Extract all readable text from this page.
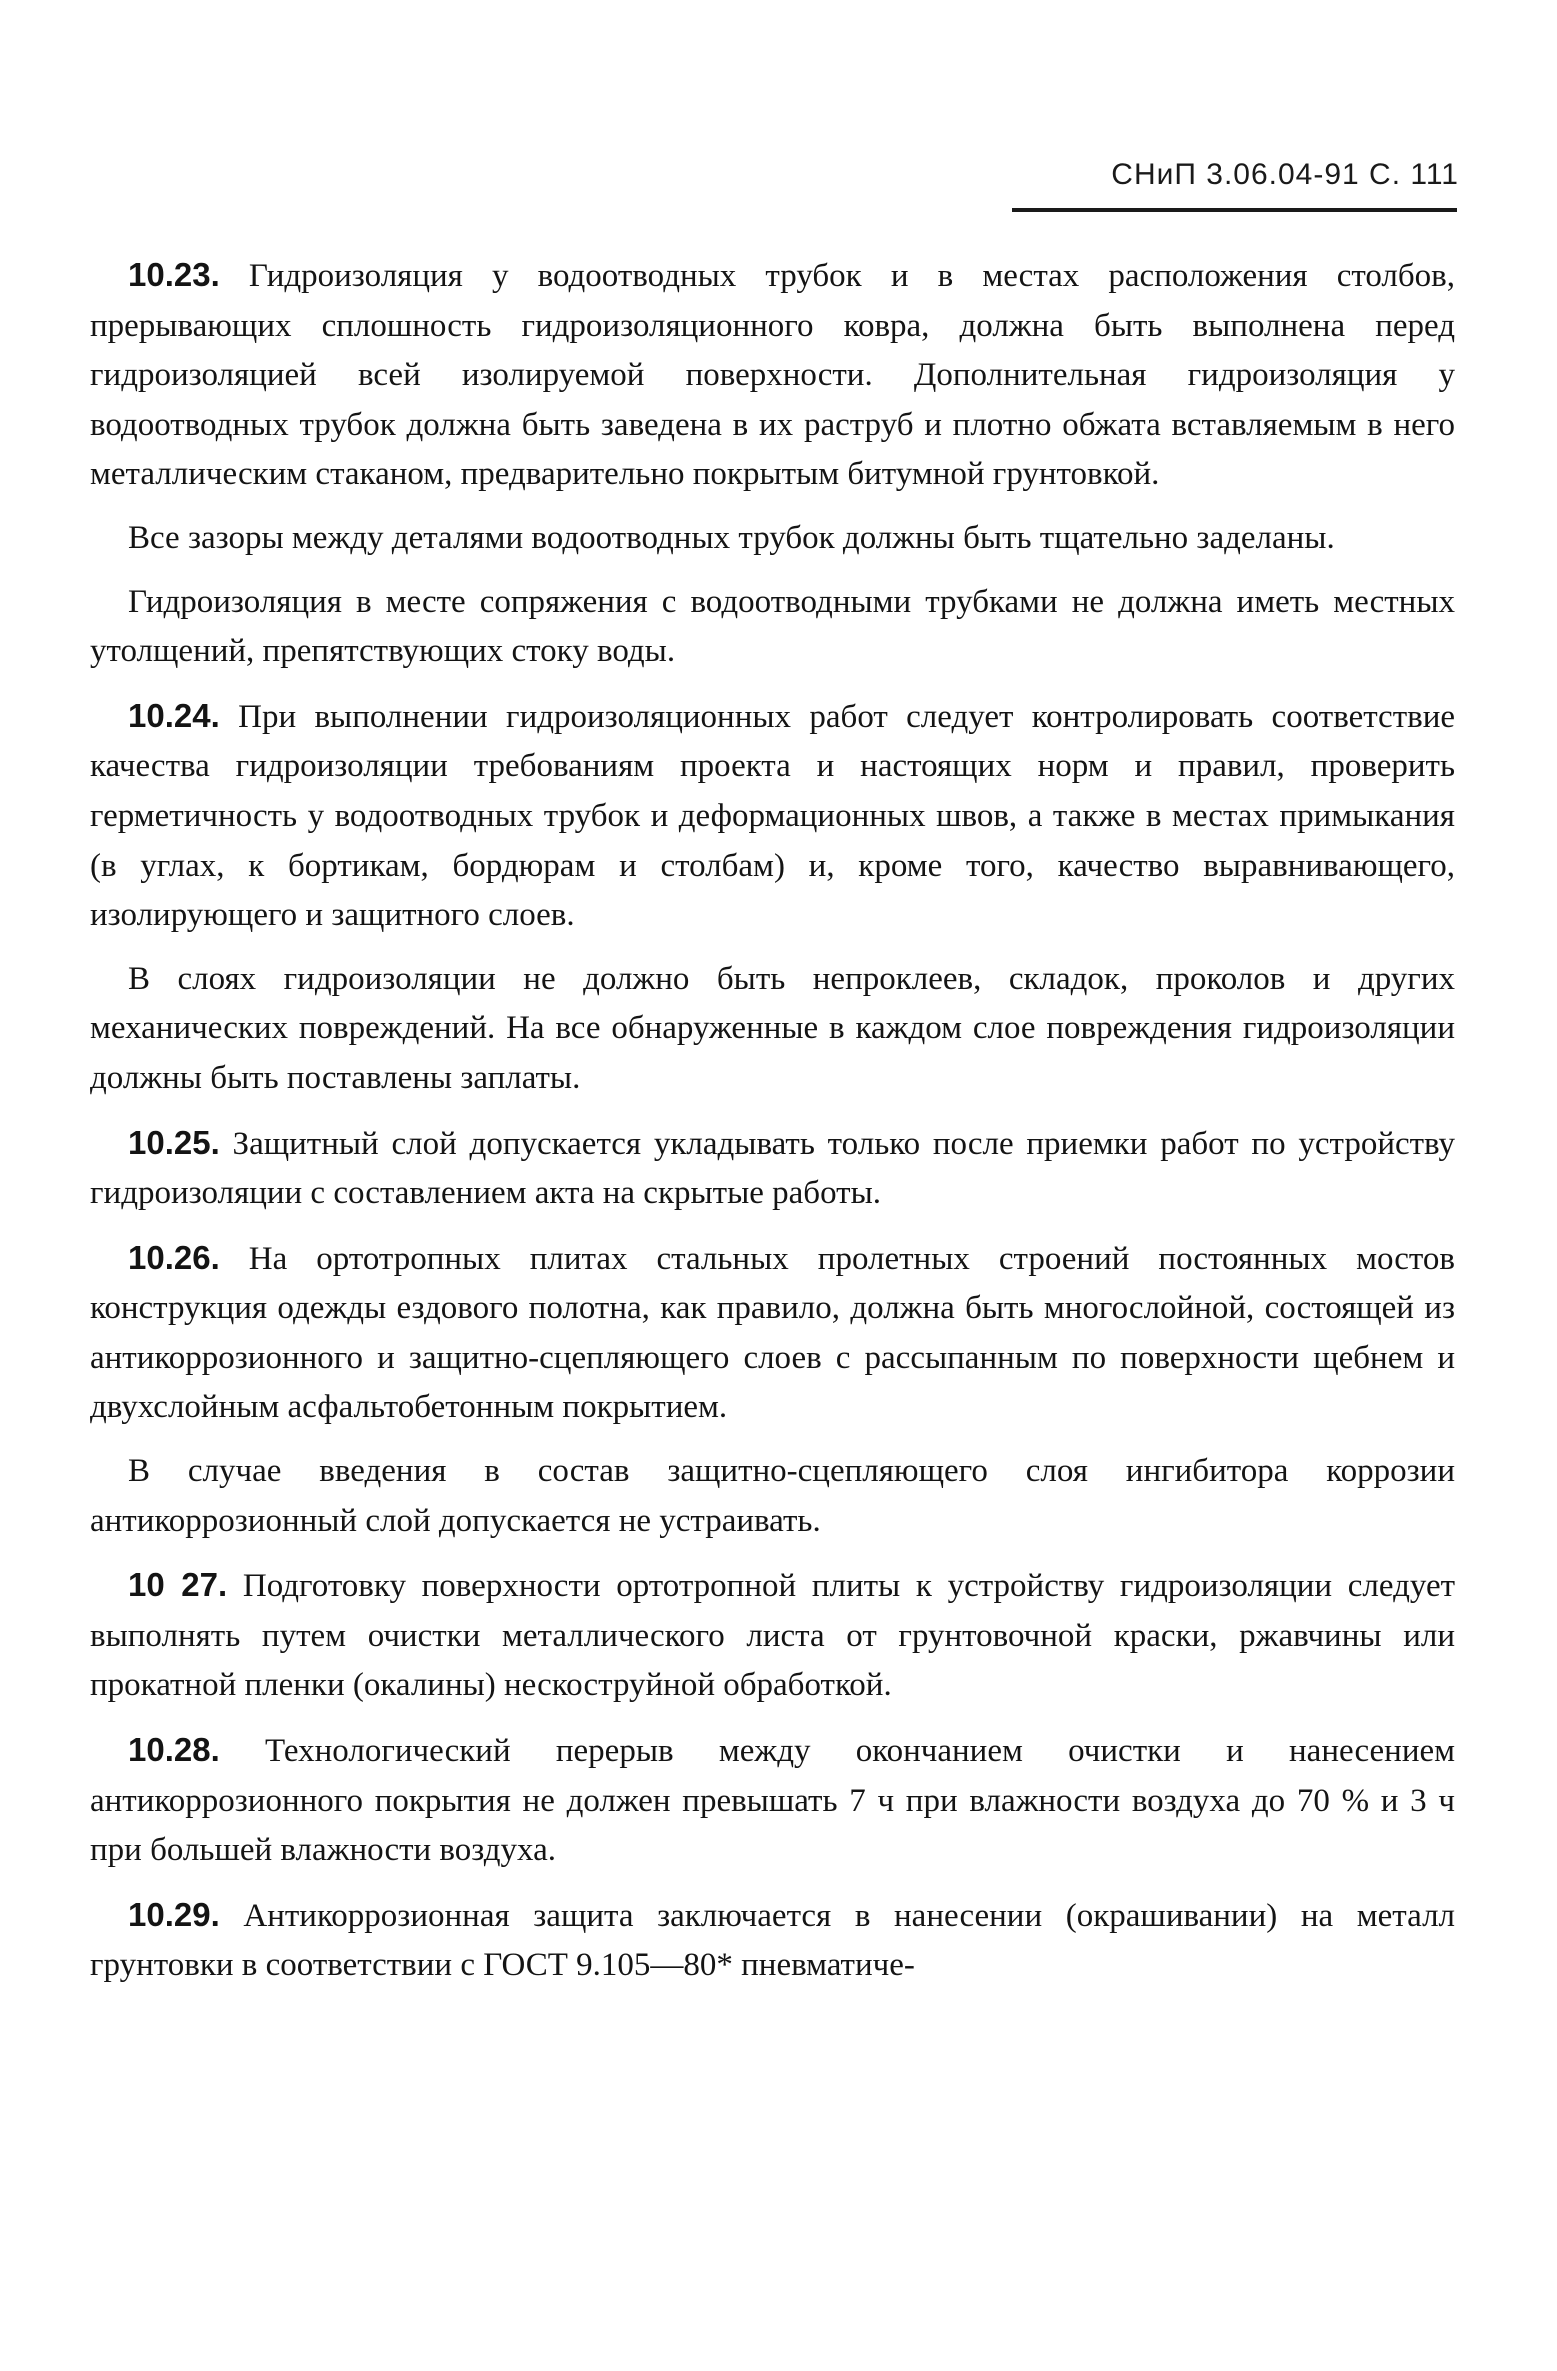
СНиП 3.06.04-91 С. 111

10.23. Гидроизоляция у водоотводных трубок и в местах расположения столбов, прерывающих сплошность гидроизоляционного ковра, должна быть выполнена перед гидроизоляцией всей изолируемой поверхности. Дополнительная гидроизоляция у водоотводных трубок должна быть заведена в их раструб и плотно обжата вставляемым в него металлическим стаканом, предварительно покрытым битумной грунтовкой.

Все зазоры между деталями водоотводных трубок должны быть тщательно заделаны.

Гидроизоляция в месте сопряжения с водоотводными трубками не должна иметь местных утолщений, препятствующих стоку воды.

10.24. При выполнении гидроизоляционных работ следует контролировать соответствие качества гидроизоляции требованиям проекта и настоящих норм и правил, проверить герметичность у водоотводных трубок и деформационных швов, а также в местах примыкания (в углах, к бортикам, бордюрам и столбам) и, кроме того, качество выравнивающего, изолирующего и защитного слоев.

В слоях гидроизоляции не должно быть непроклеев, складок, проколов и других механических повреждений. На все обнаруженные в каждом слое повреждения гидроизоляции должны быть поставлены заплаты.

10.25. Защитный слой допускается укладывать только после приемки работ по устройству гидроизоляции с составлением акта на скрытые работы.

10.26. На ортотропных плитах стальных пролетных строений постоянных мостов конструкция одежды ездового полотна, как правило, должна быть многослойной, состоящей из антикоррозионного и защитно-сцепляющего слоев с рассыпанным по поверхности щебнем и двухслойным асфальтобетонным покрытием.

В случае введения в состав защитно-сцепляющего слоя ингибитора коррозии антикоррозионный слой допускается не устраивать.

10 27. Подготовку поверхности ортотропной плиты к устройству гидроизоляции следует выполнять путем очистки металлического листа от грунтовочной краски, ржавчины или прокатной пленки (окалины) нескоструйной обработкой.

10.28. Технологический перерыв между окончанием очистки и нанесением антикоррозионного покрытия не должен превышать 7 ч при влажности воздуха до 70 % и 3 ч при большей влажности воздуха.

10.29. Антикоррозионная защита заключается в нанесении (окрашивании) на металл грунтовки в соответствии с ГОСТ 9.105—80* пневматиче-
